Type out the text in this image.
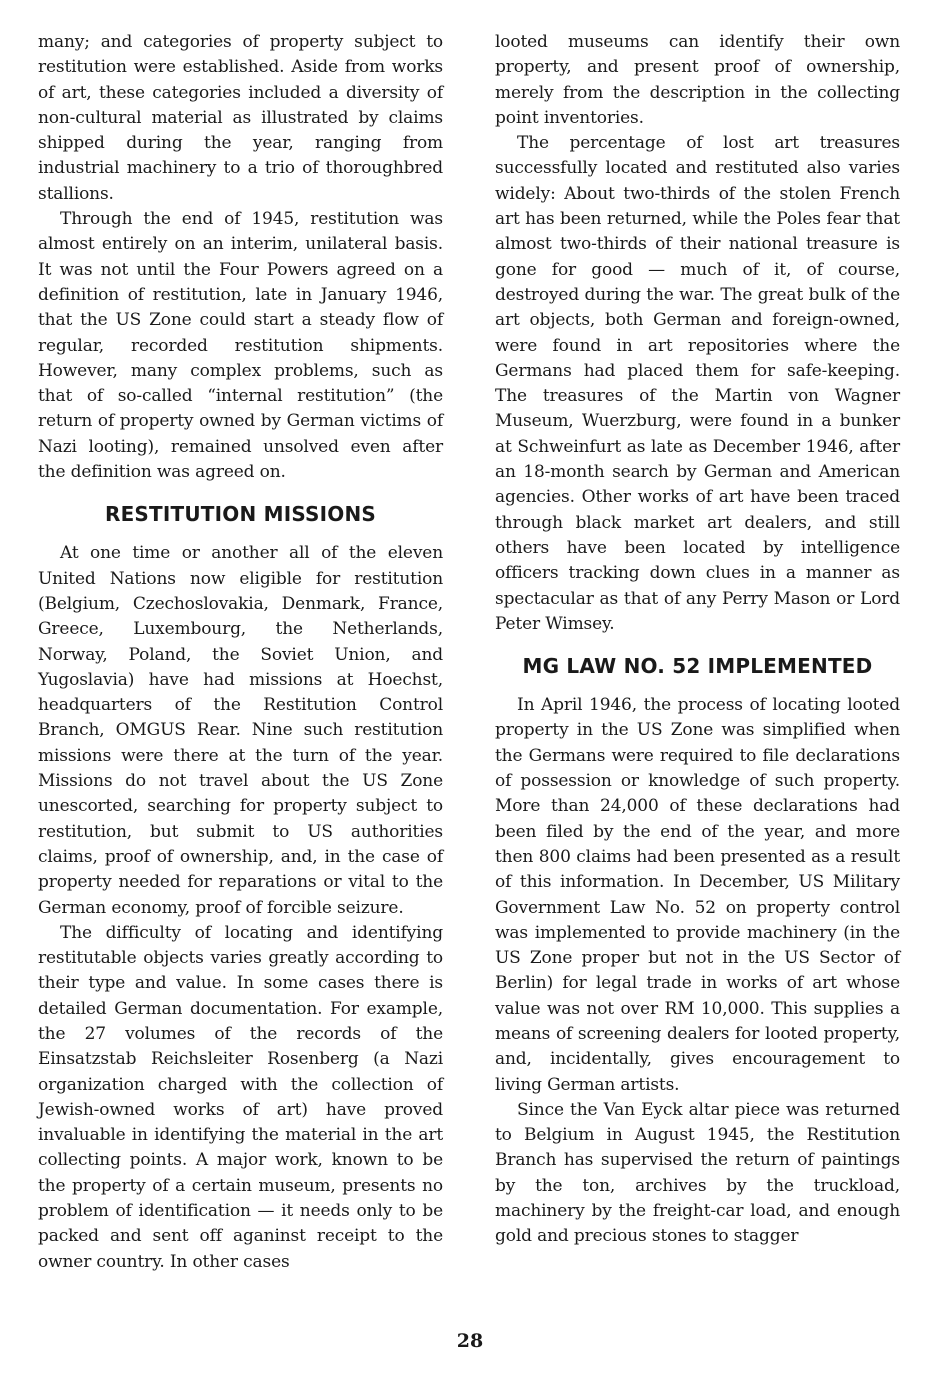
many; and categories of property subject to restitution were established. Aside from works of art, these categories included a diversity of non-cultural material as illustrated by claims shipped during the year, ranging from industrial machinery to a trio of thoroughbred stallions.

Through the end of 1945, restitution was almost entirely on an interim, unilateral basis. It was not until the Four Powers agreed on a definition of restitution, late in January 1946, that the US Zone could start a steady flow of regular, recorded restitution shipments. However, many complex problems, such as that of so-called “internal restitution” (the return of property owned by German victims of Nazi looting), remained unsolved even after the definition was agreed on.

RESTITUTION MISSIONS

At one time or another all of the eleven United Nations now eligible for restitution (Belgium, Czechoslovakia, Denmark, France, Greece, Luxembourg, the Netherlands, Norway, Poland, the Soviet Union, and Yugoslavia) have had missions at Hoechst, headquarters of the Restitution Control Branch, OMGUS Rear. Nine such restitution missions were there at the turn of the year. Missions do not travel about the US Zone unescorted, searching for property subject to restitution, but submit to US authorities claims, proof of ownership, and, in the case of property needed for reparations or vital to the German economy, proof of forcible seizure.

The difficulty of locating and identifying restitutable objects varies greatly according to their type and value. In some cases there is detailed German documentation. For example, the 27 volumes of the records of the Einsatzstab Reichsleiter Rosenberg (a Nazi organization charged with the collection of Jewish-owned works of art) have proved invaluable in identifying the material in the art collecting points. A major work, known to be the property of a certain museum, presents no problem of identification — it needs only to be packed and sent off aganinst receipt to the owner country. In other cases

looted museums can identify their own property, and present proof of ownership, merely from the description in the collecting point inventories.

The percentage of lost art treasures successfully located and restituted also varies widely: About two-thirds of the stolen French art has been returned, while the Poles fear that almost two-thirds of their national treasure is gone for good — much of it, of course, destroyed during the war. The great bulk of the art objects, both German and foreign-owned, were found in art repositories where the Germans had placed them for safe-keeping. The treasures of the Martin von Wagner Museum, Wuerzburg, were found in a bunker at Schweinfurt as late as December 1946, after an 18-month search by German and American agencies. Other works of art have been traced through black market art dealers, and still others have been located by intelligence officers tracking down clues in a manner as spectacular as that of any Perry Mason or Lord Peter Wimsey.

MG LAW NO. 52 IMPLEMENTED

In April 1946, the process of locating looted property in the US Zone was simplified when the Germans were required to file declarations of possession or knowledge of such property. More than 24,000 of these declarations had been filed by the end of the year, and more then 800 claims had been presented as a result of this information. In December, US Military Government Law No. 52 on property control was implemented to provide machinery (in the US Zone proper but not in the US Sector of Berlin) for legal trade in works of art whose value was not over RM 10,000. This supplies a means of screening dealers for looted property, and, incidentally, gives encouragement to living German artists.

Since the Van Eyck altar piece was returned to Belgium in August 1945, the Restitution Branch has supervised the return of paintings by the ton, archives by the truckload, machinery by the freight-car load, and enough gold and precious stones to stagger

28
